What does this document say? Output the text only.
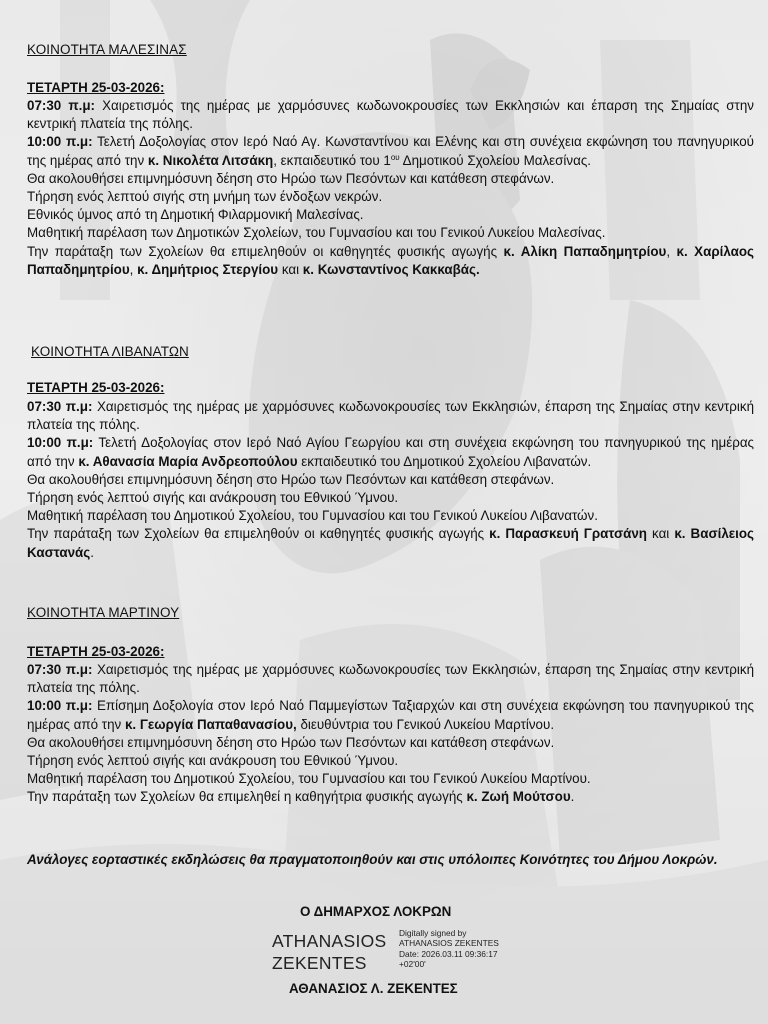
ΚΟΙΝΟΤΗΤΑ ΜΑΛΕΣΙΝΑΣ
ΤΕΤΑΡΤΗ 25-03-2026:

07:30 π.μ: Χαιρετισμός της ημέρας με χαρμόσυνες κωδωνοκρουσίες των Εκκλησιών και έπαρση της Σημαίας στην κεντρική πλατεία της πόλης.

10:00 π.μ: Τελετή Δοξολογίας στον Ιερό Ναό Αγ. Κωνσταντίνου και Ελένης και στη συνέχεια εκφώνηση του πανηγυρικού της ημέρας από την κ. Νικολέτα Λιτσάκη, εκπαιδευτικό του $1^{o\upsilon}$ Δημοτικού Σχολείου Μαλεσίνας.

Θα ακολουθήσει επιμνημόσυνη δέηση στο Ηρώο των Πεσόντων και κατάθεση στεφάνων.

Τήρηση ενός λεπτού σιγής στη μνήμη των ένδοξων νεκρών.

Εθνικός ύμνος από τη Δημοτική Φιλαρμονική Μαλεσίνας.

Μαθητική παρέλαση των Δημοτικών Σχολείων, του Γυμνασίου και του Γενικού Λυκείου Μαλεσίνας.

Την παράταξη των Σχολείων θα επιμεληθούν οι καθηγητές φυσικής αγωγής κ. Αλίκη Παπαδημητρίου, κ. Χαρίλαος Παπαδημητρίου, κ. Δημήτριος Στεργίου και κ. Κωνσταντίνος Κακκαβάς.

ΚΟΙΝΟΤΗΤΑ ΛΙΒΑΝΑΤΩΝ
ΤΕΤΑΡΤΗ 25-03-2026:

07:30 π.μ: Χαιρετισμός της ημέρας με χαρμόσυνες κωδωνοκρουσίες των Εκκλησιών, έπαρση της Σημαίας στην κεντρική πλατεία της πόλης.

10:00 π.μ: Τελετή Δοξολογίας στον Ιερό Ναό Αγίου Γεωργίου και στη συνέχεια εκφώνηση του πανηγυρικού της ημέρας από την κ. Αθανασία Μαρία Ανδρεοπούλου εκπαιδευτικό του Δημοτικού Σχολείου Λιβανατών.

Θα ακολουθήσει επιμνημόσυνη δέηση στο Ηρώο των Πεσόντων και κατάθεση στεφάνων.

Τήρηση ενός λεπτού σιγής και ανάκρουση του Εθνικού Ύμνου.

Μαθητική παρέλαση του Δημοτικού Σχολείου, του Γυμνασίου και του Γενικού Λυκείου Λιβανατών.

Την παράταξη των Σχολείων θα επιμεληθούν οι καθηγητές φυσικής αγωγής κ. Παρασκευή Γρατσάνη και κ. Βασίλειος Καστανάς.

ΚΟΙΝΟΤΗΤΑ ΜΑΡΤΙΝΟΥ
ΤΕΤΑΡΤΗ 25-03-2026:

07:30 π.μ: Χαιρετισμός της ημέρας με χαρμόσυνες κωδωνοκρουσίες των Εκκλησιών, έπαρση της Σημαίας στην κεντρική πλατεία της πόλης.

10:00 π.μ: Επίσημη Δοξολογία στον Ιερό Ναό Παμμεγίστων Ταξιαρχών και στη συνέχεια εκφώνηση του πανηγυρικού της ημέρας από την κ. Γεωργία Παπαθανασίου, διευθύντρια του Γενικού Λυκείου Μαρτίνου.

Θα ακολουθήσει επιμνημόσυνη δέηση στο Ηρώο των Πεσόντων και κατάθεση στεφάνων.

Τήρηση ενός λεπτού σιγής και ανάκρουση του Εθνικού Ύμνου.

Μαθητική παρέλαση του Δημοτικού Σχολείου, του Γυμνασίου και του Γενικού Λυκείου Μαρτίνου.

Την παράταξη των Σχολείων θα επιμεληθεί η καθηγήτρια φυσικής αγωγής κ. Ζωή Μούτσου.

Ανάλογες εορταστικές εκδηλώσεις θα πραγματοποιηθούν και στις υπόλοιπες Κοινότητες του Δήμου Λοκρών.
Ο ΔΗΜΑΡΧΟΣ ΛΟΚΡΩΝ
ATHANASIOS
ZEKENTES
Digitally signed by
ATHANASIOS ZEKENTES
Date: 2026.03.11 09:36:17
+02'00'
ΑΘΑΝΑΣΙΟΣ Λ. ΖΕΚΕΝΤΕΣ
